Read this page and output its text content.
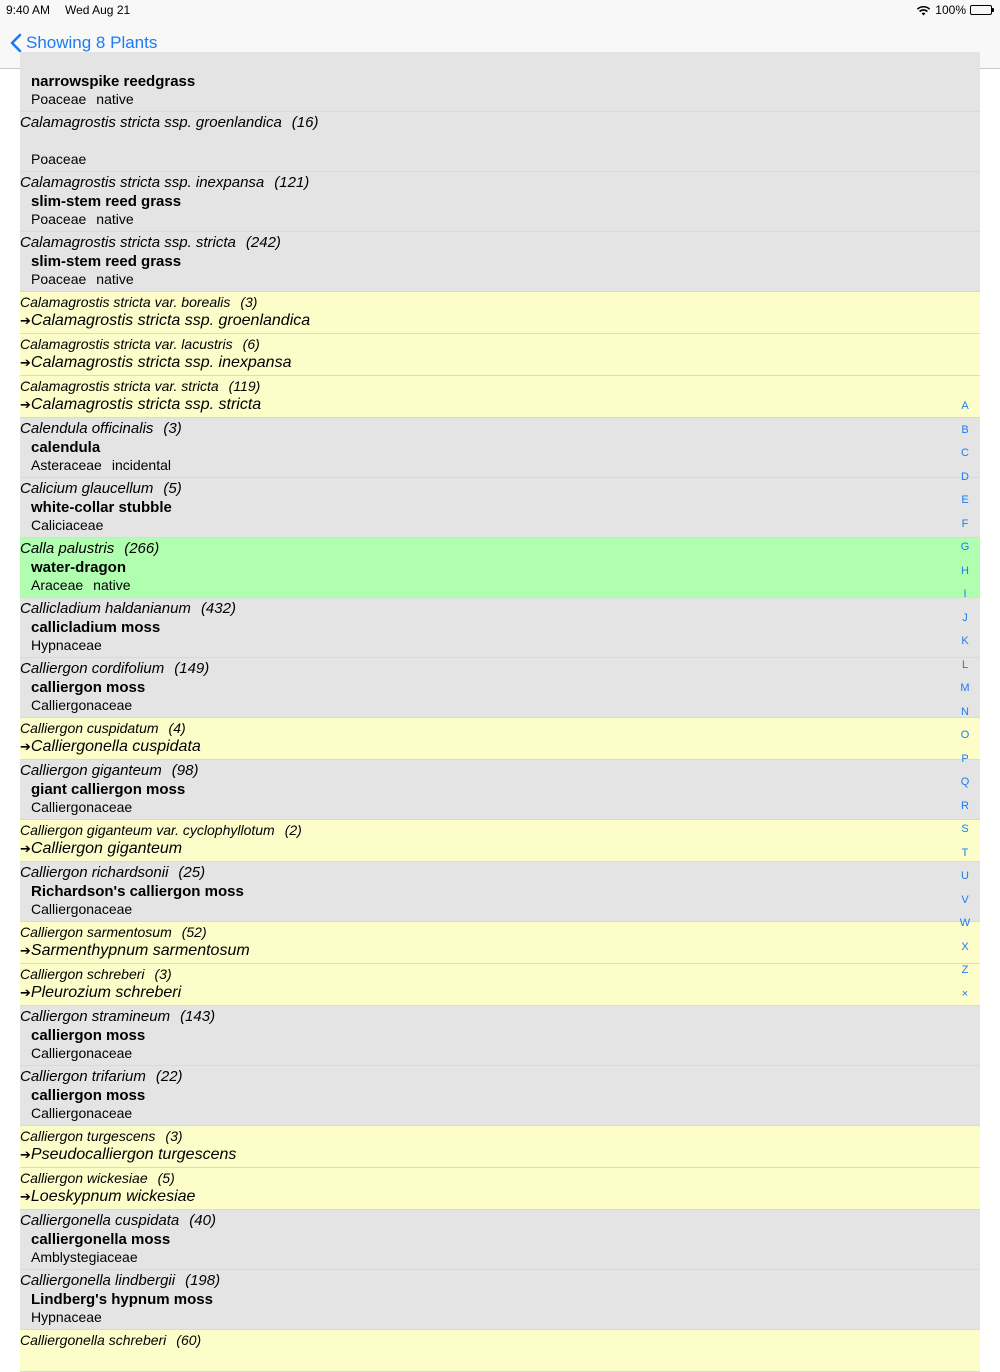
9:40 AM Wed Aug 21	100%
Showing 8 Plants
narrowspike reedgrass
Poaceae native
Calamagrostis stricta ssp. groenlandica (16)
Poaceae
Calamagrostis stricta ssp. inexpansa (121)
slim-stem reed grass
Poaceae native
Calamagrostis stricta ssp. stricta (242)
slim-stem reed grass
Poaceae native
Calamagrostis stricta var. borealis (3)
➔Calamagrostis stricta ssp. groenlandica
Calamagrostis stricta var. lacustris (6)
➔Calamagrostis stricta ssp. inexpansa
Calamagrostis stricta var. stricta (119)
➔Calamagrostis stricta ssp. stricta
Calendula officinalis (3)
calendula
Asteraceae incidental
Calicium glaucellum (5)
white-collar stubble
Caliciaceae
Calla palustris (266)
water-dragon
Araceae native
Callicladium haldanianum (432)
callicladium moss
Hypnaceae
Calliergon cordifolium (149)
calliergon moss
Calliergonaceae
Calliergon cuspidatum (4)
➔Calliergonella cuspidata
Calliergon giganteum (98)
giant calliergon moss
Calliergonaceae
Calliergon giganteum var. cyclophyllotum (2)
➔Calliergon giganteum
Calliergon richardsonii (25)
Richardson's calliergon moss
Calliergonaceae
Calliergon sarmentosum (52)
➔Sarmenthypnum sarmentosum
Calliergon schreberi (3)
➔Pleurozium schreberi
Calliergon stramineum (143)
calliergon moss
Calliergonaceae
Calliergon trifarium (22)
calliergon moss
Calliergonaceae
Calliergon turgescens (3)
➔Pseudocalliergon turgescens
Calliergon wickesiae (5)
➔Loeskypnum wickesiae
Calliergonella cuspidata (40)
calliergonella moss
Amblystegiaceae
Calliergonella lindbergii (198)
Lindberg's hypnum moss
Hypnaceae
Calliergonella schreberi (60)
A
B
C
D
E
F
G
H
I
J
K
L
M
N
O
P
Q
R
S
T
U
V
W
X
Z
×
